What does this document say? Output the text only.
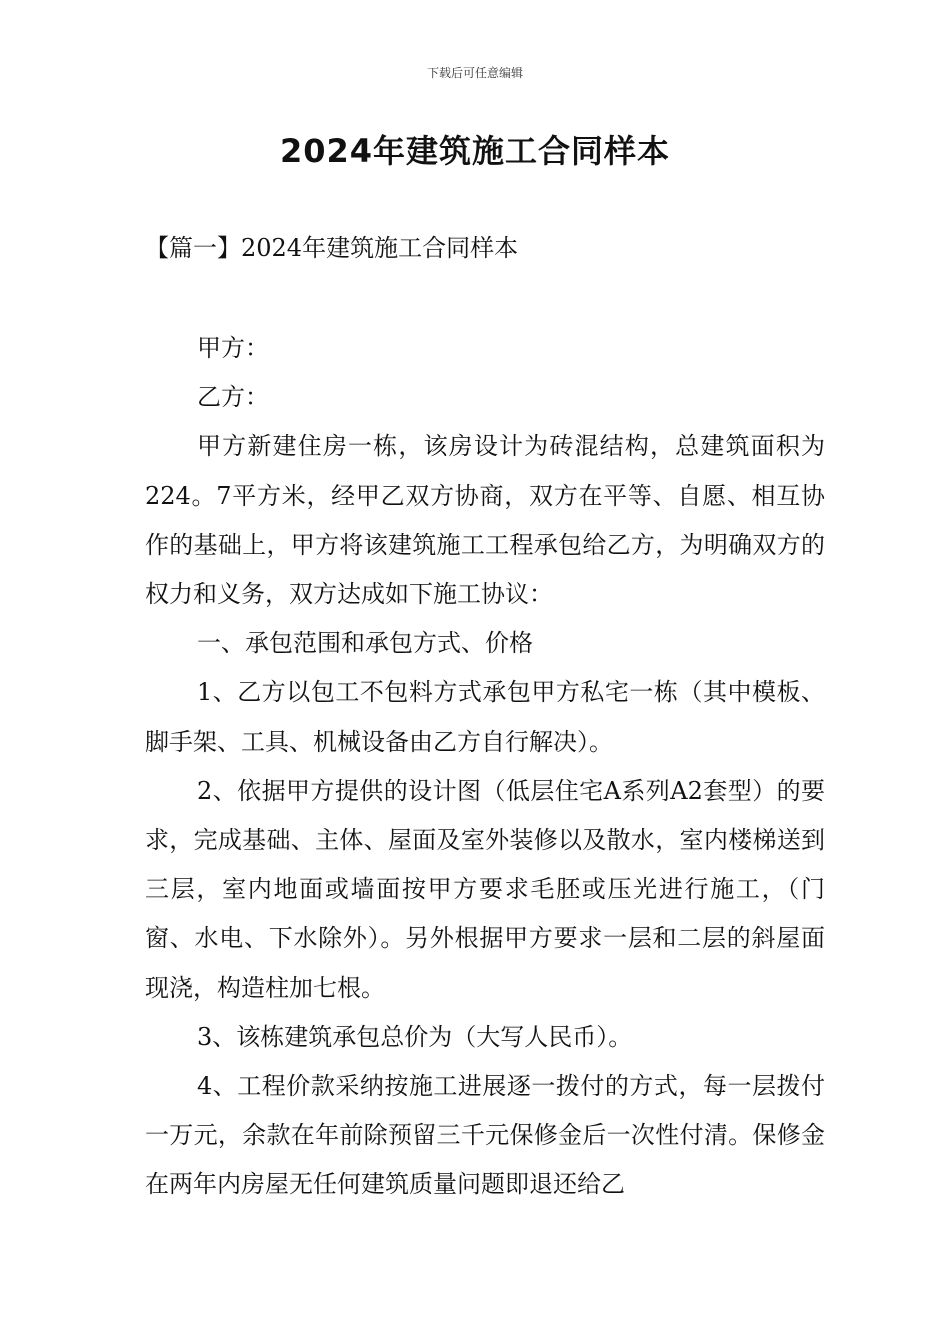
下载后可任意编辑
2024年建筑施工合同样本
【篇一】2024年建筑施工合同样本

甲方：

乙方：

甲方新建住房一栋，该房设计为砖混结构，总建筑面积为224。7平方米，经甲乙双方协商，双方在平等、自愿、相互协作的基础上，甲方将该建筑施工工程承包给乙方，为明确双方的权力和义务，双方达成如下施工协议：

一、承包范围和承包方式、价格

1、乙方以包工不包料方式承包甲方私宅一栋（其中模板、脚手架、工具、机械设备由乙方自行解决）。

2、依据甲方提供的设计图（低层住宅A系列A2套型）的要求，完成基础、主体、屋面及室外装修以及散水，室内楼梯送到三层，室内地面或墙面按甲方要求毛胚或压光进行施工，（门窗、水电、下水除外）。另外根据甲方要求一层和二层的斜屋面现浇，构造柱加七根。

3、该栋建筑承包总价为（大写人民币）。

4、工程价款采纳按施工进展逐一拨付的方式，每一层拨付一万元，余款在年前除预留三千元保修金后一次性付清。保修金在两年内房屋无任何建筑质量问题即退还给乙
